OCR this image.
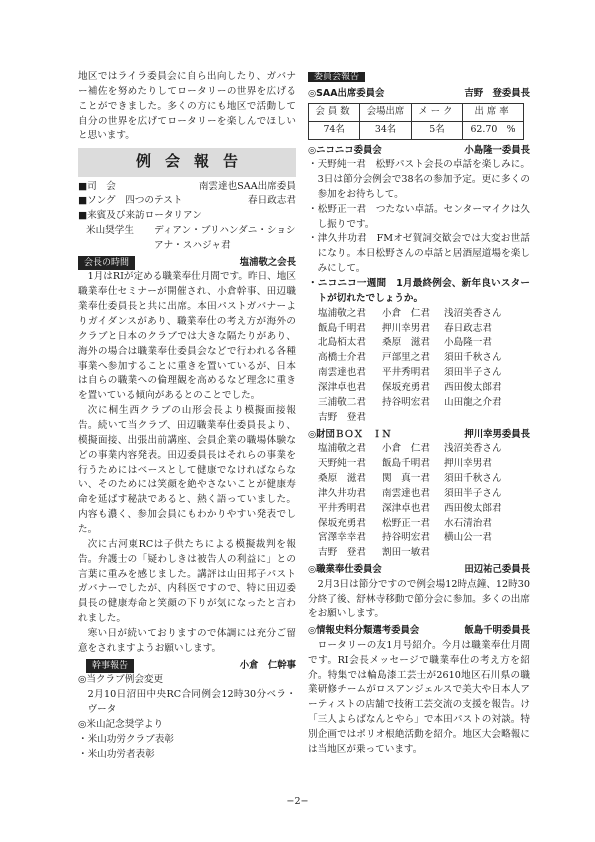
地区ではライラ委員会に自ら出向したり、ガバナー補佐を努めたりしてロータリーの世界を広げることができました。多くの方にも地区で活動して自分の世界を広げてロータリーを楽しんでほしいと思います。

例会報告
■司　会	南雲達也SAA出席委員
■ソング　四つのテスト	春日政志君
■来賓及び来訪ロータリアン
米山奨学生	ディアン・ブリハンダニ・ショシアナ・スハジャ君
会長の時間	塩浦敬之会長

1月はRIが定める職業奉仕月間です。昨日、地区職業奉仕セミナーが開催され、小倉幹事、田辺職業奉仕委員長と共に出席。本田パストガバナーよりガイダンスがあり、職業奉仕の考え方が海外のクラブと日本のクラブでは大きな隔たりがあり、海外の場合は職業奉仕委員会などで行われる各種事業へ参加することに重きを置いているが、日本は自らの職業への倫理観を高めるなど理念に重きを置いている傾向があるとのことでした。

次に桐生西クラブの山形会長より模擬面接報告。続いて当クラブ、田辺職業奉仕委員長より、模擬面接、出張出前講座、会員企業の職場体験などの事業内容発表。田辺委員長はそれらの事業を行うためにはベースとして健康でなければならない、そのためには笑顔を絶やさないことが健康寿命を延ばす秘訣であると、熱く語っていました。内容も濃く、参加会員にもわかりやすい発表でした。

次に古河東RCは子供たちによる模擬裁判を報告。弁護士の「疑わしきは被告人の利益に」との言葉に重みを感じました。講評は山田邦子パストガバナーでしたが、内科医ですので、特に田辺委員長の健康寿命と笑顔の下りが気になったと言われました。

寒い日が続いておりますので体調には充分ご留意をされますようお願いします。

幹事報告	小倉　仁幹事

◎当クラブ例会変更

2月10日沼田中央RC合同例会12時30分ベラ・ヴータ

◎米山記念奨学より

・米山功労クラブ表彰

・米山功労者表彰

委員会報告
◎SAA出席委員会	吉野　登委員長
会員数	会場出席	メーク	出席率
74名	34名	5名	62.70　%
◎ニコニコ委員会	小島隆一委員長

・天野純一君　松野パスト会長の卓話を楽しみに。3日は節分会例会で38名の参加予定。更に多くの参加をお待ちして。

・松野正一君　つたない卓話。センターマイクは久し振りです。

・津久井功君　FMオゼ賀詞交歓会では大変お世話になり。本日松野さんの卓話と居酒屋道場を楽しみにして。

・ニコニコ一週間　1月最終例会、新年良いスタートが切れたでしょうか。

塩浦敬之君	小倉　仁君	浅沼美香さん
飯島千明君	押川幸男君	春日政志君
北島栢太君	桑原　滋君	小島隆一君
高橋士介君	戸部里之君	須田千秋さん
南雲達也君	平井秀明君	須田半子さん
深津卓也君	保坂充勇君	西田俊太郎君
三浦敬二君	持谷明宏君	山田龍之介君
吉野　登君
◎財団ＢＯＸ　ＩＮ	押川幸男委員長
塩浦敬之君	小倉　仁君	浅沼美香さん
天野純一君	飯島千明君	押川幸男君
桑原　滋君	関　真一君	須田千秋さん
津久井功君	南雲達也君	須田半子さん
平井秀明君	深津卓也君	西田俊太郎君
保坂充勇君	松野正一君	水石清治君
宮澤幸幸君	持谷明宏君	横山公一君
吉野　登君	割田一敏君
◎職業奉仕委員会	田辺祐己委員長

2月3日は節分ですので例会場12時点鐘、12時30分終了後、舒林寺移動で節分会に参加。多くの出席をお願いします。

◎情報史料分類選考委員会	飯島千明委員長

ロータリーの友1月号紹介。今月は職業奉仕月間です。RI会長メッセージで職業奉仕の考え方を紹介。特集では輪島漆工芸士が2610地区石川県の職業研修チームがロスアンジェルスで美大や日本人アーティストの店舗で技術工芸交流の支援を報告。け「三人よらばなんとやら」で本田パストの対談。特別企画ではポリオ根絶活動を紹介。地区大会略報には当地区が乗っています。

−2−
